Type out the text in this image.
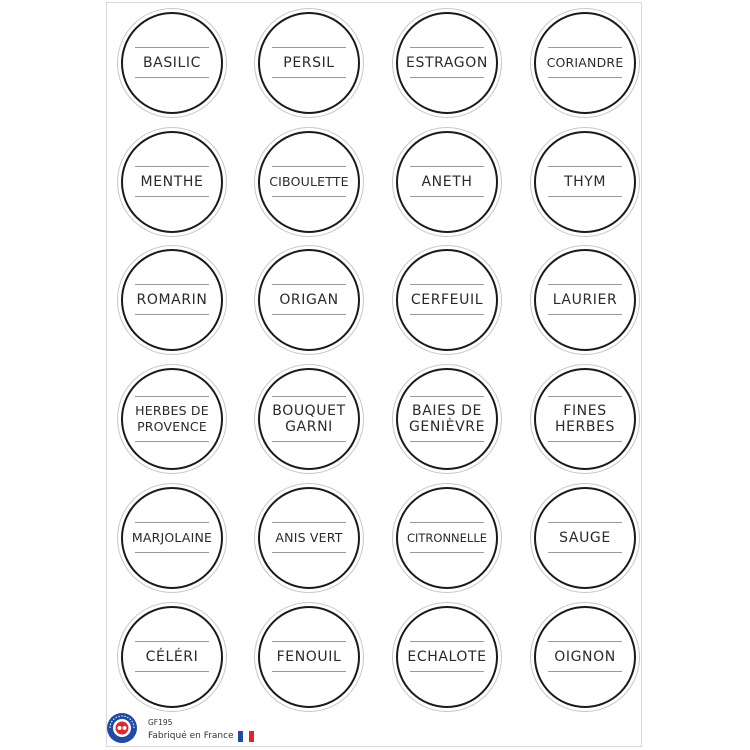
BASILIC	PERSIL	ESTRAGON	CORIANDRE
MENTHE	CIBOULETTE	ANETH	THYM
ROMARIN	ORIGAN	CERFEUIL	LAURIER
HERBES DE
PROVENCE
BOUQUET
GARNI
BAIES DE
GENIÈVRE
FINES
HERBES
MARJOLAINE	ANIS VERT	CITRONNELLE	SAUGE
CÉLÉRI	FENOUIL	ECHALOTE	OIGNON
GF195
Fabriqué en France
